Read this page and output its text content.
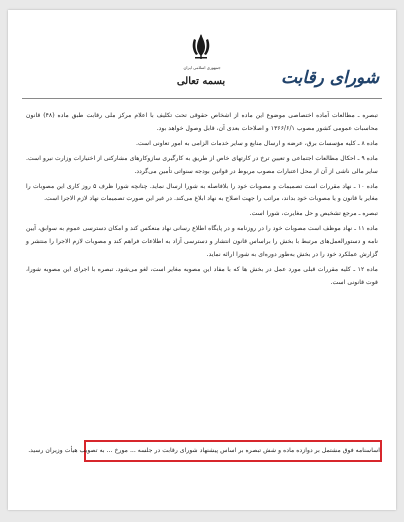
جمهوری اسلامی ایران
بسمه تعالی	شورای رقابت

تبصره ـ مطالعات آماده اختصاصی موضوع این ماده از اشخاص حقوقی تحت تکلیف با اعلام مرکز ملی رقابت طبق ماده (۴۸) قانون محاسبات عمومی کشور مصوب ۱۳۶۶/۶/۱ و اصلاحات بعدی آن، قابل وصول خواهد بود.

ماده ۸ ـ کلیه مؤسسات برق، عرضه و ارسال منابع و سایر خدمات الزامی به امور تعاونی است.

ماده ۹ ـ احکال مطالعات اجتماعی و تعیین ترخ در کارتهای خاص از طریق به کارگیری سازوکارهای مشارکتی از اختیارات وزارت نیرو است. سایر مالی ناشی از آن از محل اعتبارات مصوب مربوط در قوانین بودجه سنواتی تأمین می‌گردد.

ماده ۱۰ ـ نهاد مقررات است تصمیمات و مصوبات خود را بلافاصله به شورا ارسال نماید. چنانچه شورا ظرف ۵ روز کاری این مصوبات را مغایر با قانون و یا مصوبات خود بداند، مراتب را جهت اصلاح به نهاد ابلاغ می‌کند. در غیر این صورت تصمیمات نهاد لازم الاجرا است.

تبصره ـ مرجع تشخیص و حل مغایرت، شورا است.

ماده ۱۱ ـ نهاد موظف است مصوبات خود را در روزنامه و در پایگاه اطلاع رسانی نهاد منعکس کند و امکان دسترسی عموم به سوابق، آیین نامه و دستورالعمل‌های مرتبط با بخش را براساس قانون انتشار و دسترسی آزاد به اطلاعات فراهم کند و مصوبات لازم الاجرا را منتشر و گزارش عملکرد خود را در بخش به‌طور دوره‌ای به شورا ارائه نماید.

ماده ۱۲ ـ کلیه مقررات قبلی مورد عمل در بخش ها که با مفاد این مصوبه مغایر است، لغو می‌شود. تبصره با اجرای این مصوبه شورا، قوت قانونی است.

اساسنامه فوق مشتمل بر دوازده ماده و شش تبصره بر اساس پیشنهاد شورای رقابت در جلسه ... مورخ ... به تصویب هیأت وزیران رسید.
